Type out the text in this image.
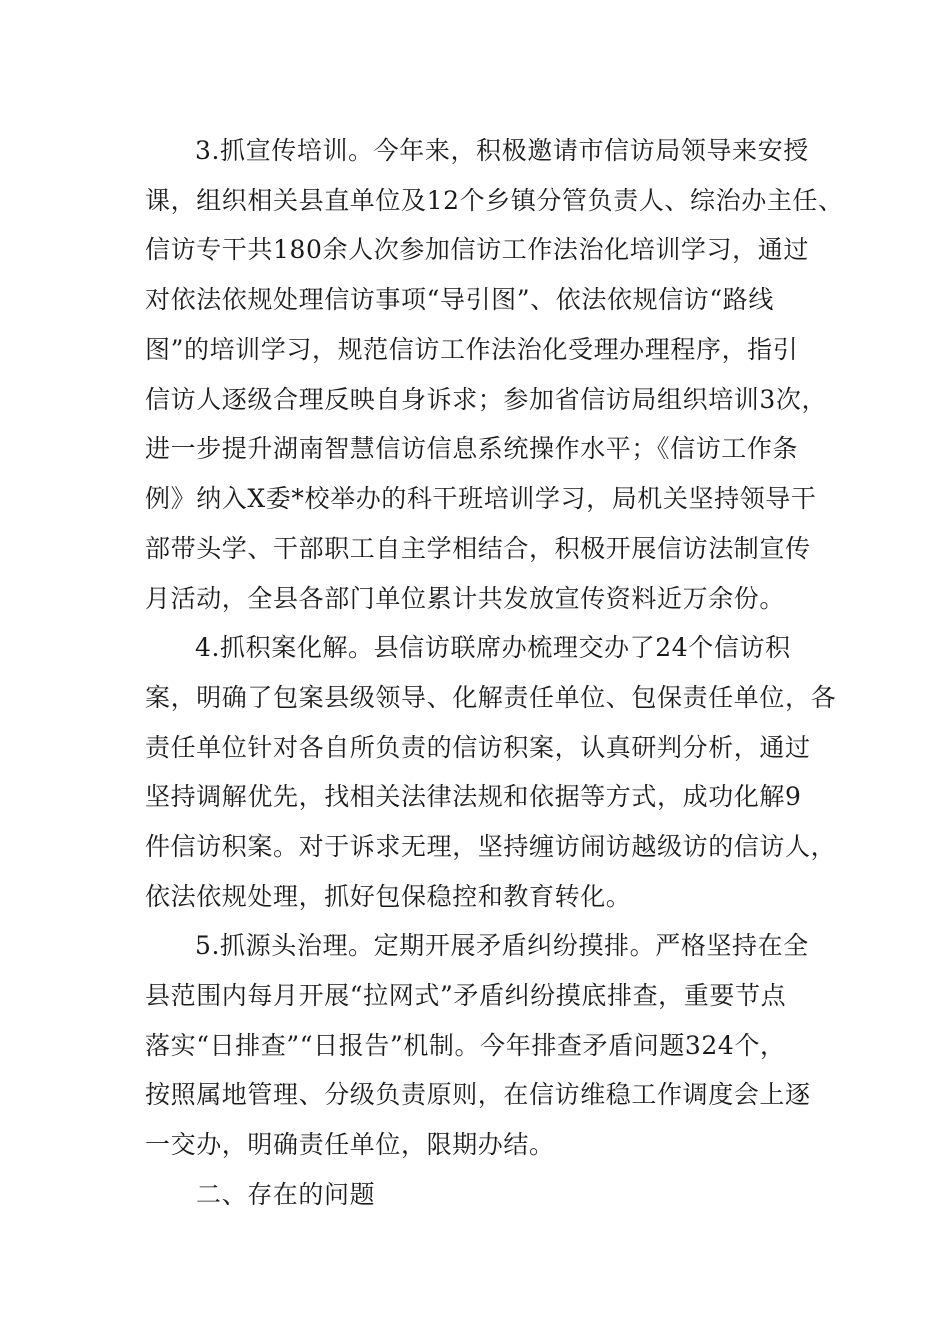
3.抓宣传培训。今年来，积极邀请市信访局领导来安授
课，组织相关县直单位及12个乡镇分管负责人、综治办主任、
信访专干共180余人次参加信访工作法治化培训学习，通过
对依法依规处理信访事项“导引图”、依法依规信访“路线
图”的培训学习，规范信访工作法治化受理办理程序，指引
信访人逐级合理反映自身诉求；参加省信访局组织培训3次，
进一步提升湖南智慧信访信息系统操作水平；《信访工作条
例》纳入X委*校举办的科干班培训学习，局机关坚持领导干
部带头学、干部职工自主学相结合，积极开展信访法制宣传
月活动，全县各部门单位累计共发放宣传资料近万余份。
4.抓积案化解。县信访联席办梳理交办了24个信访积
案，明确了包案县级领导、化解责任单位、包保责任单位，各
责任单位针对各自所负责的信访积案，认真研判分析，通过
坚持调解优先，找相关法律法规和依据等方式，成功化解9
件信访积案。对于诉求无理，坚持缠访闹访越级访的信访人，
依法依规处理，抓好包保稳控和教育转化。
5.抓源头治理。定期开展矛盾纠纷摸排。严格坚持在全
县范围内每月开展“拉网式”矛盾纠纷摸底排查，重要节点
落实“日排查”“日报告”机制。今年排查矛盾问题324个，
按照属地管理、分级负责原则，在信访维稳工作调度会上逐
一交办，明确责任单位，限期办结。
二、存在的问题
